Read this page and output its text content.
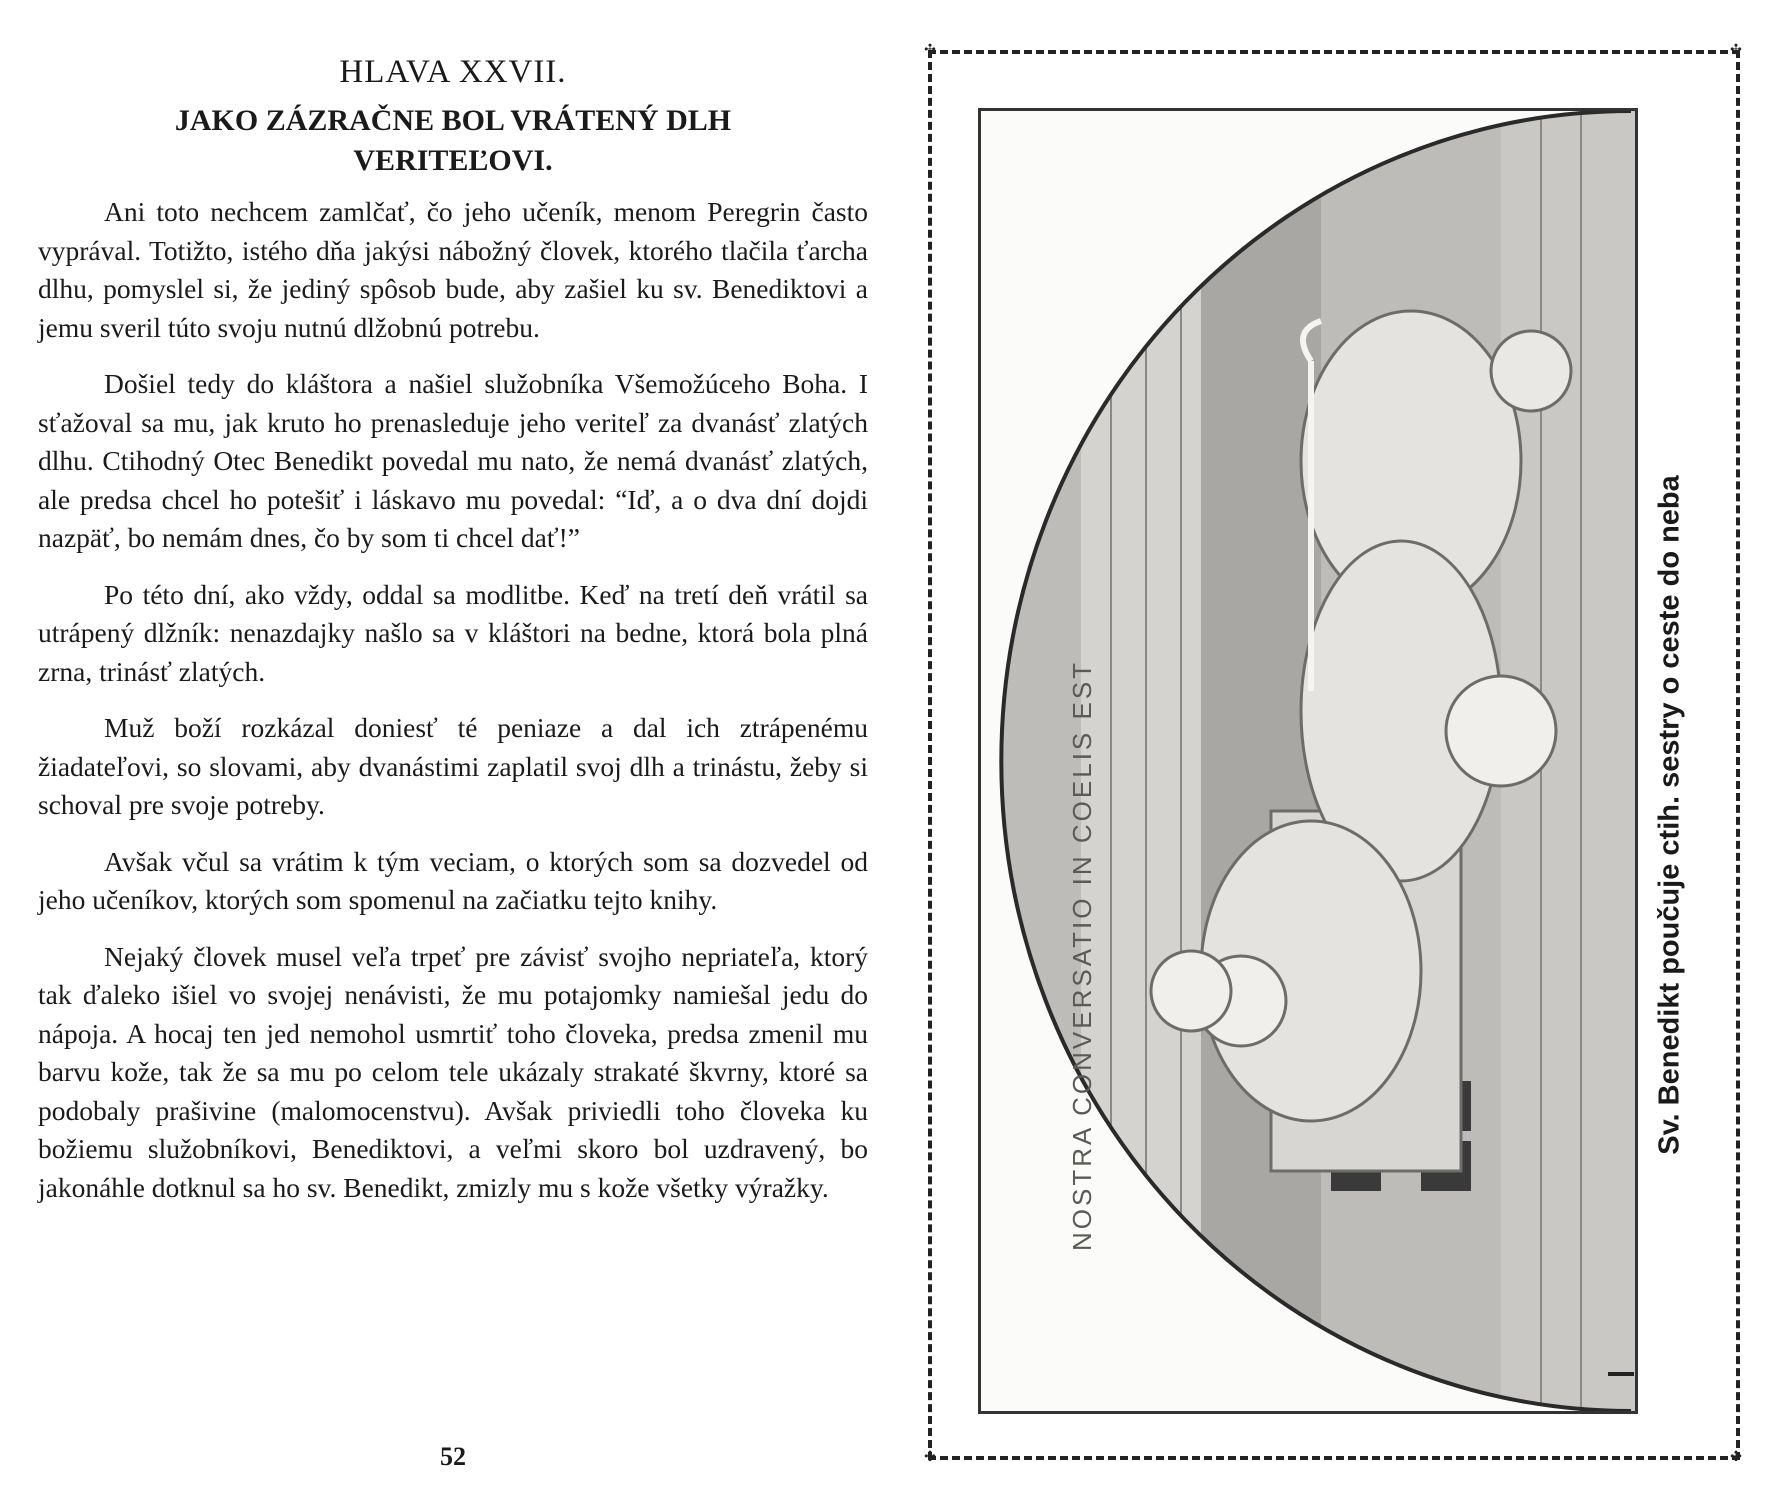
HLAVA XXVII.
JAKO ZÁZRAČNE BOL VRÁTENÝ DLH
VERITEĽOVI.

Ani toto nechcem zamlčať, čo jeho učeník, menom Peregrin často vyprával. Totižto, istého dňa jakýsi nábožný človek, ktorého tlačila ťarcha dlhu, pomyslel si, že jediný spôsob bude, aby zašiel ku sv. Benediktovi a jemu sveril túto svoju nutnú dlžobnú potrebu.

Došiel tedy do kláštora a našiel služobníka Všemožúceho Boha. I sťažoval sa mu, jak kruto ho prenasleduje jeho veriteľ za dvanásť zlatých dlhu. Ctihodný Otec Benedikt povedal mu nato, že nemá dvanásť zlatých, ale predsa chcel ho potešiť i láskavo mu povedal: “Iď, a o dva dní dojdi nazpäť, bo nemám dnes, čo by som ti chcel dať!”

Po této dní, ako vždy, oddal sa modlitbe. Keď na tretí deň vrátil sa utrápený dlžník: nenazdajky našlo sa v kláštori na bedne, ktorá bola plná zrna, trinásť zlatých.

Muž boží rozkázal doniesť té peniaze a dal ich ztrápenému žiadateľovi, so slovami, aby dvanástimi zaplatil svoj dlh a trinástu, žeby si schoval pre svoje potreby.

Avšak včul sa vrátim k tým veciam, o ktorých som sa dozvedel od jeho učeníkov, ktorých som spomenul na začiatku tejto knihy.

Nejaký človek musel veľa trpeť pre závisť svojho nepriateľa, ktorý tak ďaleko išiel vo svojej nenávisti, že mu potajomky namiešal jedu do nápoja. A hocaj ten jed nemohol usmrtiť toho človeka, predsa zmenil mu barvu kože, tak že sa mu po celom tele ukázaly strakaté škvrny, ktoré sa podobaly prašivine (malomocenstvu). Avšak priviedli toho človeka ku božiemu služobníkovi, Benediktovi, a veľmi skoro bol uzdravený, bo jakonáhle dotknul sa ho sv. Benedikt, zmizly mu s kože všetky výražky.

52
✣	✣
✣	✣
NOSTRA CONVERSATIO IN COELIS EST	Sv. Benedikt poučuje ctih. sestry o ceste do neba
